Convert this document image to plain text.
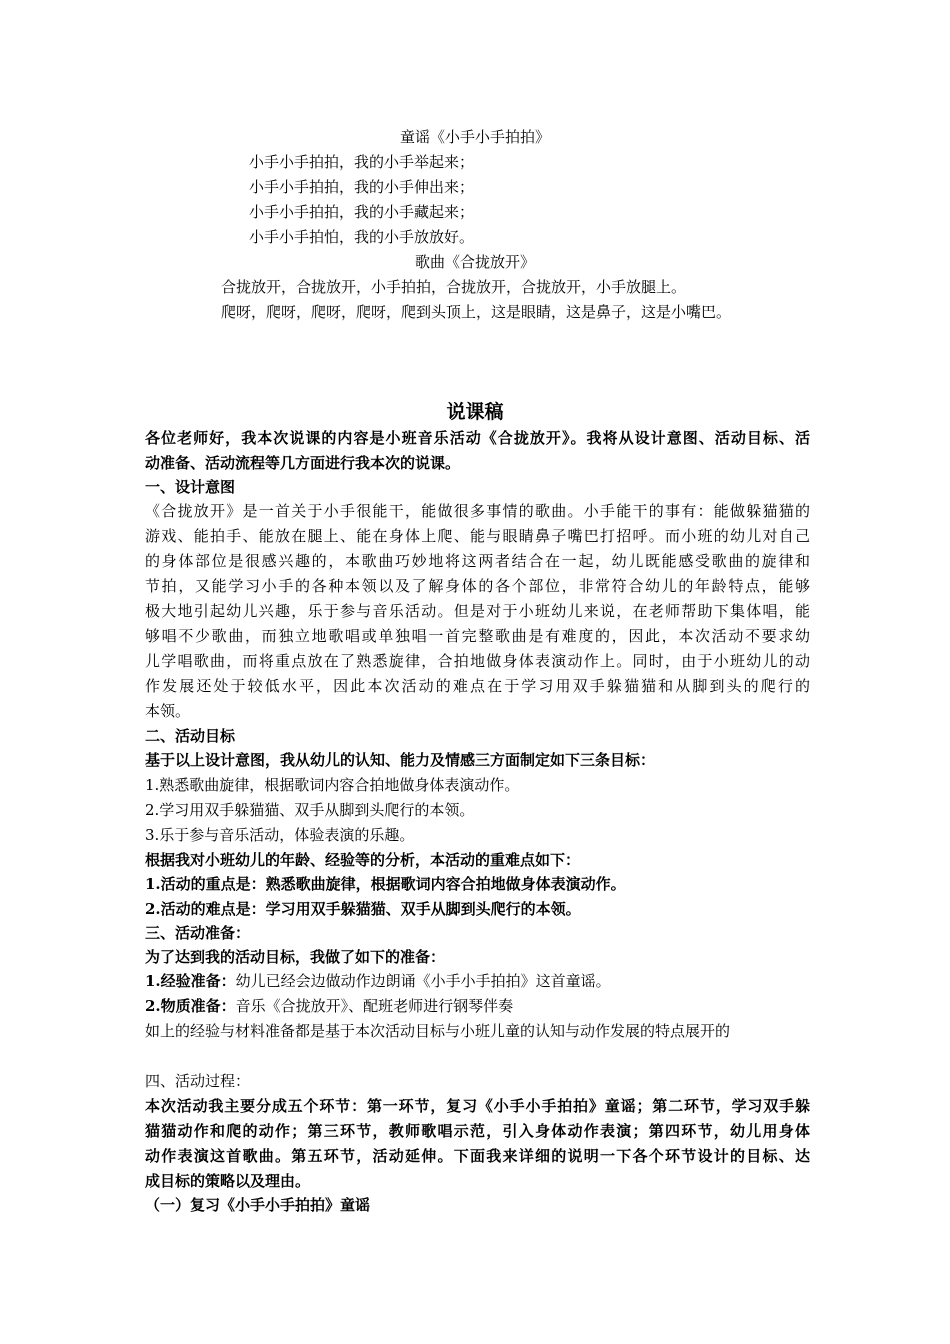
童谣《小手小手拍拍》
小手小手拍拍，我的小手举起来；
小手小手拍拍，我的小手伸出来；
小手小手拍拍，我的小手藏起来；
小手小手拍怕，我的小手放放好。
歌曲《合拢放开》
合拢放开，合拢放开，小手拍拍，合拢放开，合拢放开，小手放腿上。
爬呀，爬呀，爬呀，爬呀，爬到头顶上，这是眼睛，这是鼻子，这是小嘴巴。
说课稿
各位老师好，我本次说课的内容是小班音乐活动《合拢放开》。我将从设计意图、活动目标、活
动准备、活动流程等几方面进行我本次的说课。
一、设计意图
《合拢放开》是一首关于小手很能干，能做很多事情的歌曲。小手能干的事有：能做躲猫猫的
游戏、能拍手、能放在腿上、能在身体上爬、能与眼睛鼻子嘴巴打招呼。而小班的幼儿对自己
的身体部位是很感兴趣的，本歌曲巧妙地将这两者结合在一起，幼儿既能感受歌曲的旋律和
节拍，又能学习小手的各种本领以及了解身体的各个部位，非常符合幼儿的年龄特点，能够
极大地引起幼儿兴趣，乐于参与音乐活动。但是对于小班幼儿来说，在老师帮助下集体唱，能
够唱不少歌曲，而独立地歌唱或单独唱一首完整歌曲是有难度的，因此，本次活动不要求幼
儿学唱歌曲，而将重点放在了熟悉旋律，合拍地做身体表演动作上。同时，由于小班幼儿的动
作发展还处于较低水平，因此本次活动的难点在于学习用双手躲猫猫和从脚到头的爬行的
本领。
二、活动目标
基于以上设计意图，我从幼儿的认知、能力及情感三方面制定如下三条目标：
1.熟悉歌曲旋律，根据歌词内容合拍地做身体表演动作。
2.学习用双手躲猫猫、双手从脚到头爬行的本领。
3.乐于参与音乐活动，体验表演的乐趣。
根据我对小班幼儿的年龄、经验等的分析，本活动的重难点如下：
1.活动的重点是：熟悉歌曲旋律，根据歌词内容合拍地做身体表演动作。
2.活动的难点是：学习用双手躲猫猫、双手从脚到头爬行的本领。
三、活动准备：
为了达到我的活动目标，我做了如下的准备：
1.经验准备：幼儿已经会边做动作边朗诵《小手小手拍拍》这首童谣。
2.物质准备：音乐《合拢放开》、配班老师进行钢琴伴奏
如上的经验与材料准备都是基于本次活动目标与小班儿童的认知与动作发展的特点展开的
四、活动过程：
本次活动我主要分成五个环节：第一环节，复习《小手小手拍拍》童谣；第二环节，学习双手躲
猫猫动作和爬的动作；第三环节，教师歌唱示范，引入身体动作表演；第四环节，幼儿用身体
动作表演这首歌曲。第五环节，活动延伸。下面我来详细的说明一下各个环节设计的目标、达
成目标的策略以及理由。
（一）复习《小手小手拍拍》童谣
